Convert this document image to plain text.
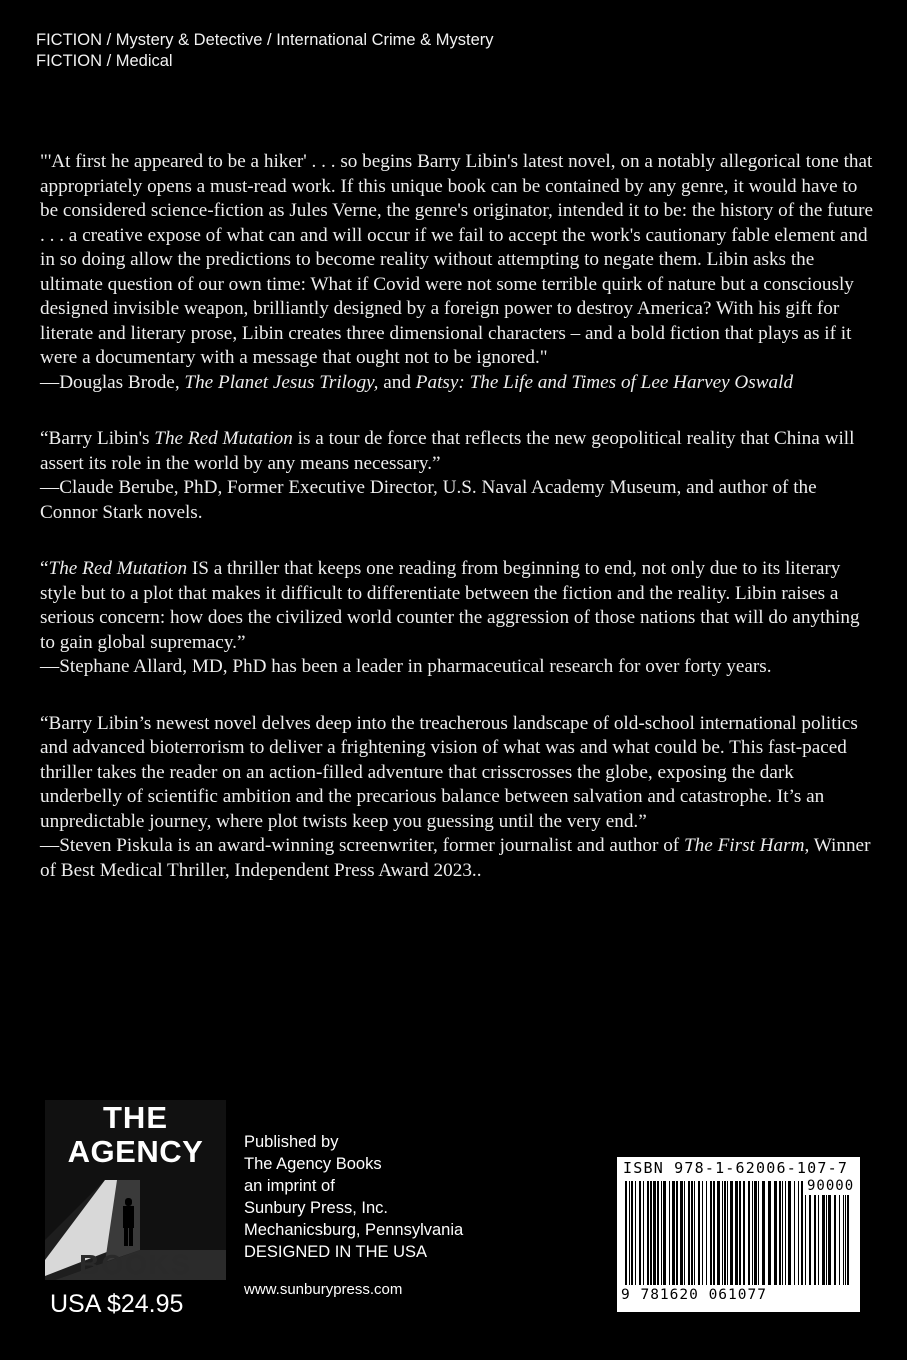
FICTION / Mystery & Detective / International Crime & Mystery
FICTION / Medical

"'At first he appeared to be a hiker' . . . so begins Barry Libin's latest novel, on a notably allegorical tone that appropriately opens a must-read work. If this unique book can be contained by any genre, it would have to be considered science-fiction as Jules Verne, the genre's originator, intended it to be: the history of the future . . . a creative expose of what can and will occur if we fail to accept the work's cautionary fable element and in so doing allow the predictions to become reality without attempting to negate them. Libin asks the ultimate question of our own time: What if Covid were not some terrible quirk of nature but a consciously designed invisible weapon, brilliantly designed by a foreign power to destroy America? With his gift for literate and literary prose, Libin creates three dimensional characters – and a bold fiction that plays as if it were a documentary with a message that ought not to be ignored."

—Douglas Brode, The Planet Jesus Trilogy, and Patsy: The Life and Times of Lee Harvey Oswald

“Barry Libin's The Red Mutation is a tour de force that reflects the new geopolitical reality that China will assert its role in the world by any means necessary.”

—Claude Berube, PhD, Former Executive Director, U.S. Naval Academy Museum, and author of the Connor Stark novels.

“The Red Mutation IS a thriller that keeps one reading from beginning to end, not only due to its literary style but to a plot that makes it difficult to differentiate between the fiction and the reality. Libin raises a serious concern: how does the civilized world counter the aggression of those nations that will do anything to gain global supremacy.”

—Stephane Allard, MD, PhD has been a leader in pharmaceutical research for over forty years.

“Barry Libin’s newest novel delves deep into the treacherous landscape of old-school international politics and advanced bioterrorism to deliver a frightening vision of what was and what could be. This fast-paced thriller takes the reader on an action-filled adventure that crisscrosses the globe, exposing the dark underbelly of scientific ambition and the precarious balance between salvation and catastrophe. It’s an unpredictable journey, where plot twists keep you guessing until the very end.”

—Steven Piskula is an award-winning screenwriter, former journalist and author of The First Harm, Winner of Best Medical Thriller, Independent Press Award 2023..

THE
AGENCY
BOOKS
USA $24.95
Published by
The Agency Books
an imprint of
Sunbury Press, Inc.
Mechanicsburg, Pennsylvania
DESIGNED IN THE USA
www.sunburypress.com
ISBN 978-1-62006-107-7
90000
9 781620 061077
